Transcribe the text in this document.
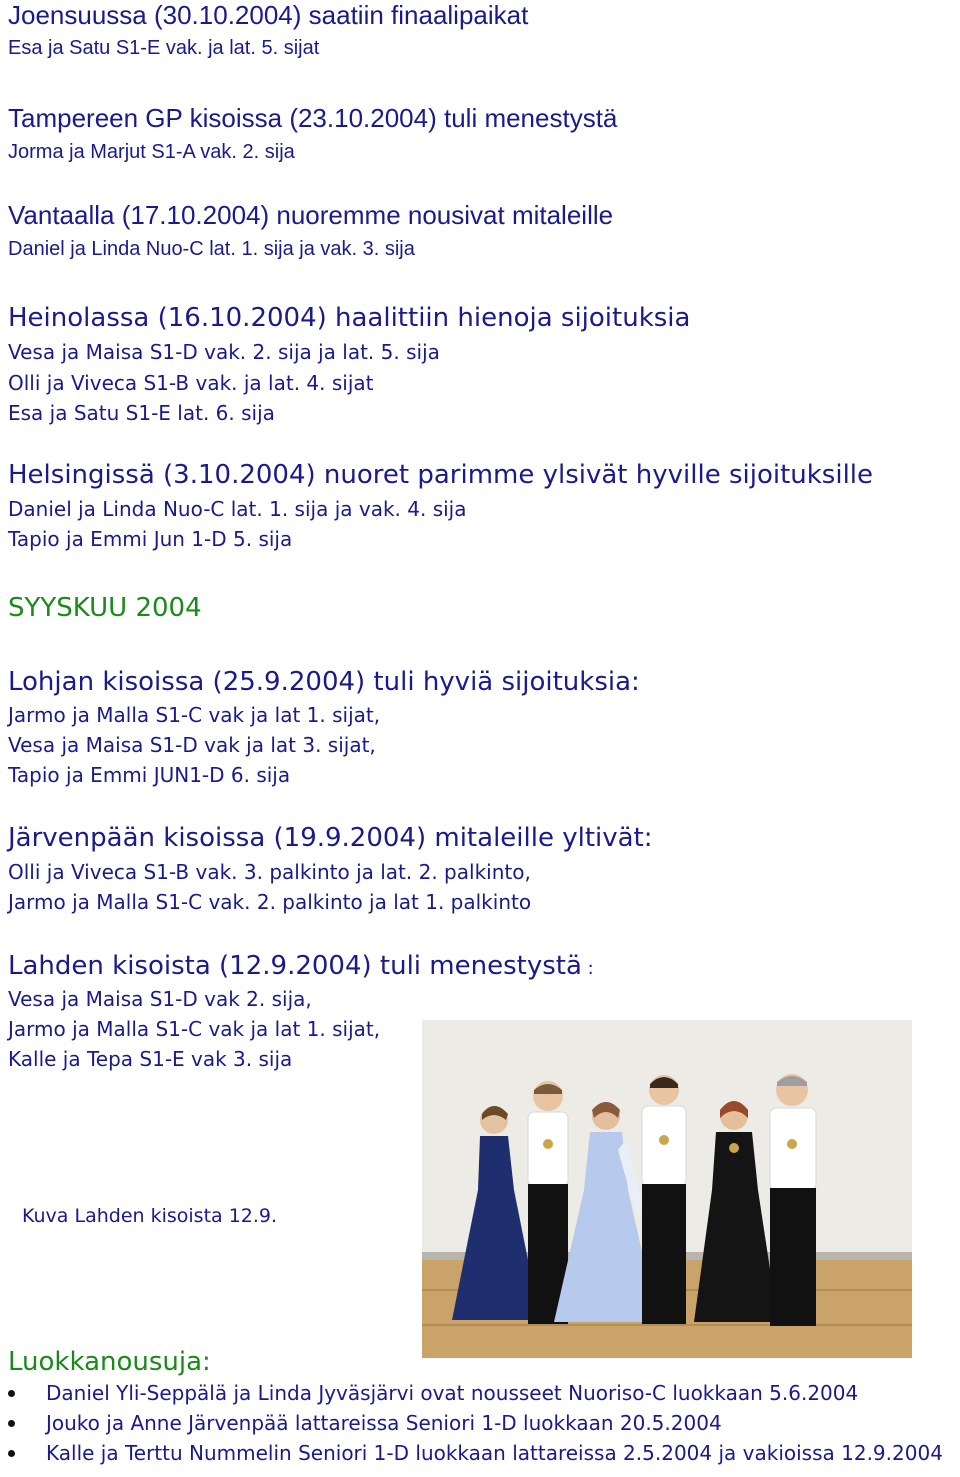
Joensuussa (30.10.2004) saatiin finaalipaikat
Esa ja Satu S1-E vak. ja lat. 5. sijat
Tampereen GP kisoissa (23.10.2004) tuli menestystä
Jorma ja Marjut S1-A vak. 2. sija
Vantaalla (17.10.2004) nuoremme nousivat mitaleille
Daniel ja Linda Nuo-C lat. 1. sija ja vak. 3. sija
Heinolassa (16.10.2004) haalittiin hienoja sijoituksia
Vesa ja Maisa S1-D vak. 2. sija ja lat. 5. sija
Olli ja Viveca S1-B vak. ja lat. 4. sijat
Esa ja Satu S1-E lat. 6. sija
Helsingissä (3.10.2004) nuoret parimme ylsivät hyville sijoituksille
Daniel ja Linda Nuo-C lat. 1. sija ja vak. 4. sija
Tapio ja Emmi Jun 1-D 5. sija
SYYSKUU 2004
Lohjan kisoissa (25.9.2004) tuli hyviä sijoituksia:
Jarmo ja Malla S1-C vak ja lat 1. sijat,
Vesa ja Maisa S1-D vak ja lat 3. sijat,
Tapio ja Emmi JUN1-D 6. sija
Järvenpään kisoissa (19.9.2004) mitaleille yltivät:
Olli ja Viveca S1-B vak. 3. palkinto ja lat. 2. palkinto,
Jarmo ja Malla S1-C vak. 2. palkinto ja lat 1. palkinto
Lahden kisoista (12.9.2004) tuli menestystä :
Vesa ja Maisa S1-D vak 2. sija,
Jarmo ja Malla S1-C vak ja lat 1. sijat,
Kalle ja Tepa S1-E vak 3. sija
Kuva Lahden kisoista 12.9.
Luokkanousuja:
Daniel Yli-Seppälä ja Linda Jyväsjärvi ovat nousseet Nuoriso-C luokkaan 5.6.2004
Jouko ja Anne Järvenpää lattareissa Seniori 1-D luokkaan 20.5.2004
Kalle ja Terttu Nummelin Seniori 1-D luokkaan lattareissa 2.5.2004 ja vakioissa 12.9.2004
